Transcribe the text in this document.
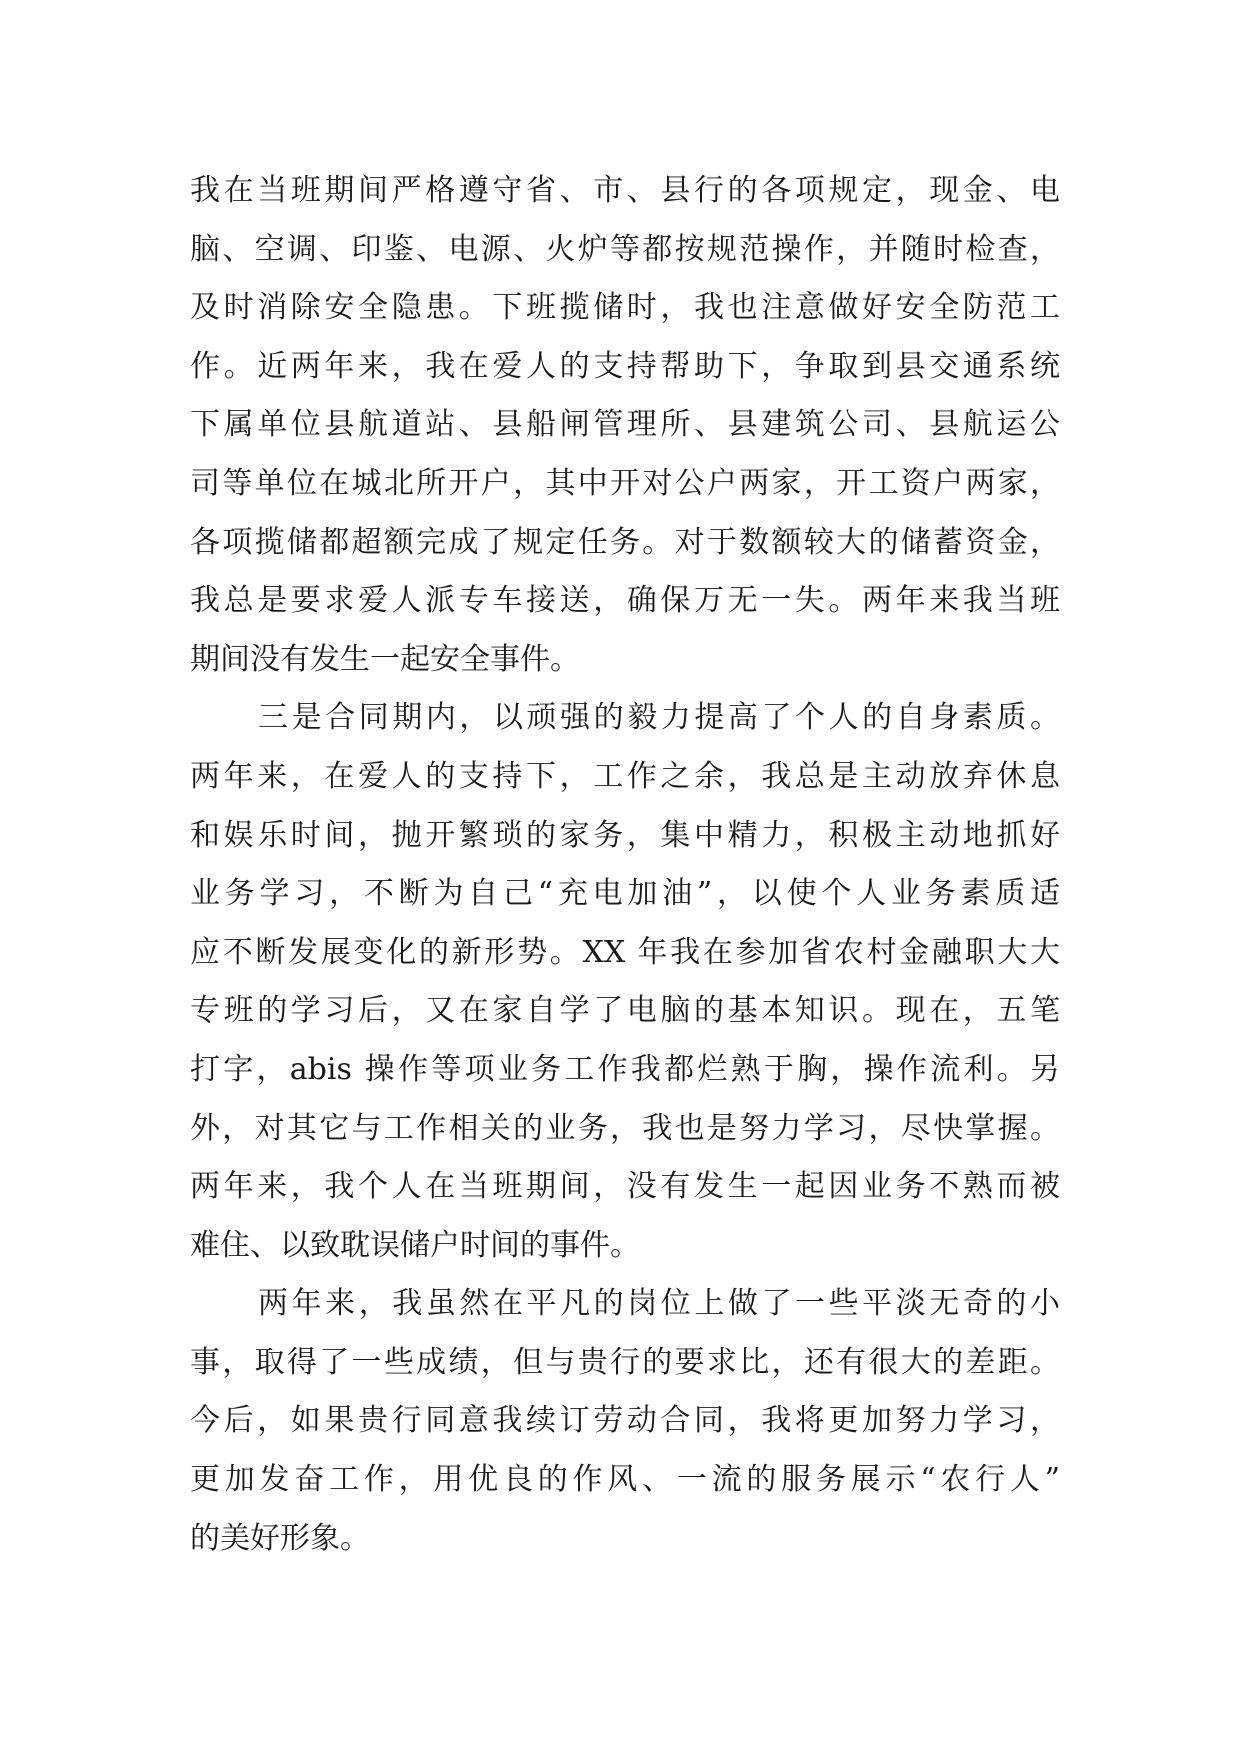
我在当班期间严格遵守省、市、县行的各项规定，现金、电
脑、空调、印鉴、电源、火炉等都按规范操作，并随时检查，
及时消除安全隐患。下班揽储时，我也注意做好安全防范工
作。近两年来，我在爱人的支持帮助下，争取到县交通系统
下属单位县航道站、县船闸管理所、县建筑公司、县航运公
司等单位在城北所开户，其中开对公户两家，开工资户两家，
各项揽储都超额完成了规定任务。对于数额较大的储蓄资金，
我总是要求爱人派专车接送，确保万无一失。两年来我当班
期间没有发生一起安全事件。
三是合同期内，以顽强的毅力提高了个人的自身素质。
两年来，在爱人的支持下，工作之余，我总是主动放弃休息
和娱乐时间，抛开繁琐的家务，集中精力，积极主动地抓好
业务学习，不断为自己“充电加油”，以使个人业务素质适
应不断发展变化的新形势。XX 年我在参加省农村金融职大大
专班的学习后，又在家自学了电脑的基本知识。现在，五笔
打字，abis 操作等项业务工作我都烂熟于胸，操作流利。另
外，对其它与工作相关的业务，我也是努力学习，尽快掌握。
两年来，我个人在当班期间，没有发生一起因业务不熟而被
难住、以致耽误储户时间的事件。
两年来，我虽然在平凡的岗位上做了一些平淡无奇的小
事，取得了一些成绩，但与贵行的要求比，还有很大的差距。
今后，如果贵行同意我续订劳动合同，我将更加努力学习，
更加发奋工作，用优良的作风、一流的服务展示“农行人”
的美好形象。
